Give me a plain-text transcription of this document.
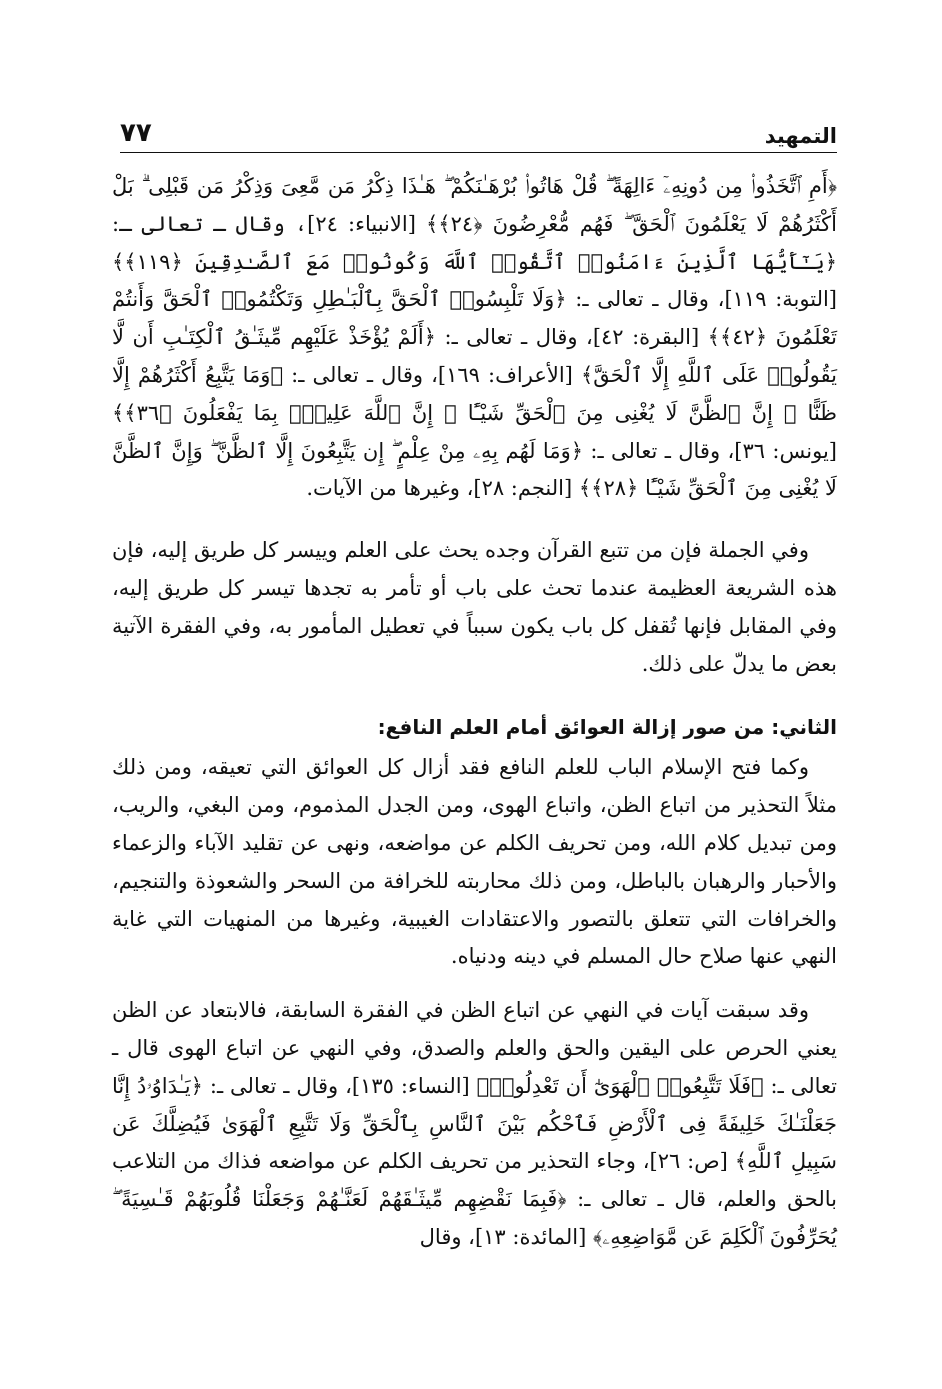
٧٧	التمهيد

﴿أَمِ ٱتَّخَذُوا۟ مِن دُونِهِۦٓ ءَالِهَةً ۖ قُلْ هَاتُوا۟ بُرْهَـٰنَكُمْ ۖ هَـٰذَا ذِكْرُ مَن مَّعِىَ وَذِكْرُ مَن قَبْلِى ۗ بَلْ أَكْثَرُهُمْ لَا يَعْلَمُونَ ٱلْحَقَّ ۖ فَهُم مُّعْرِضُونَ ﴿٢٤﴾﴾ [الانبياء: ٢٤]، وقال ـ تعالى ـ: ﴿يَـٰٓأَيُّهَا ٱلَّذِينَ ءَامَنُوا۟ ٱتَّقُوا۟ ٱللَّهَ وَكُونُوا۟ مَعَ ٱلصَّـٰدِقِينَ ﴿١١٩﴾﴾ [التوبة: ١١٩]، وقال ـ تعالى ـ: ﴿وَلَا تَلْبِسُوا۟ ٱلْحَقَّ بِٱلْبَـٰطِلِ وَتَكْتُمُوا۟ ٱلْحَقَّ وَأَنتُمْ تَعْلَمُونَ ﴿٤٢﴾﴾ [البقرة: ٤٢]، وقال ـ تعالى ـ: ﴿أَلَمْ يُؤْخَذْ عَلَيْهِم مِّيثَـٰقُ ٱلْكِتَـٰبِ أَن لَّا يَقُولُوا۟ عَلَى ٱللَّهِ إِلَّا ٱلْحَقَّ﴾ [الأعراف: ١٦٩]، وقال ـ تعالى ـ: ﴿وَمَا يَتَّبِعُ أَكْثَرُهُمْ إِلَّا ظَنًّا ۚ إِنَّ ٱلظَّنَّ لَا يُغْنِى مِنَ ٱلْحَقِّ شَيْـًٔا ۚ إِنَّ ٱللَّهَ عَلِيمٌۢ بِمَا يَفْعَلُونَ ﴿٣٦﴾﴾ [يونس: ٣٦]، وقال ـ تعالى ـ: ﴿وَمَا لَهُم بِهِۦ مِنْ عِلْمٍ ۖ إِن يَتَّبِعُونَ إِلَّا ٱلظَّنَّ ۖ وَإِنَّ ٱلظَّنَّ لَا يُغْنِى مِنَ ٱلْحَقِّ شَيْـًٔا ﴿٢٨﴾﴾ [النجم: ٢٨]، وغيرها من الآيات.

وفي الجملة فإن من تتبع القرآن وجده يحث على العلم وييسر كل طريق إليه، فإن هذه الشريعة العظيمة عندما تحث على باب أو تأمر به تجدها تيسر كل طريق إليه، وفي المقابل فإنها تُقفل كل باب يكون سبباً في تعطيل المأمور به، وفي الفقرة الآتية بعض ما يدلّ على ذلك.

الثاني: من صور إزالة العوائق أمام العلم النافع:

وكما فتح الإسلام الباب للعلم النافع فقد أزال كل العوائق التي تعيقه، ومن ذلك مثلاً التحذير من اتباع الظن، واتباع الهوى، ومن الجدل المذموم، ومن البغي، والريب، ومن تبديل كلام الله، ومن تحريف الكلم عن مواضعه، ونهى عن تقليد الآباء والزعماء والأحبار والرهبان بالباطل، ومن ذلك محاربته للخرافة من السحر والشعوذة والتنجيم، والخرافات التي تتعلق بالتصور والاعتقادات الغيبية، وغيرها من المنهيات التي غاية النهي عنها صلاح حال المسلم في دينه ودنياه.

وقد سبقت آيات في النهي عن اتباع الظن في الفقرة السابقة، فالابتعاد عن الظن يعني الحرص على اليقين والحق والعلم والصدق، وفي النهي عن اتباع الهوى قال ـ تعالى ـ: ﴿فَلَا تَتَّبِعُوا۟ ٱلْهَوَىٰٓ أَن تَعْدِلُوا۟﴾ [النساء: ١٣٥]، وقال ـ تعالى ـ: ﴿يَـٰدَاوُۥدُ إِنَّا جَعَلْنَـٰكَ خَلِيفَةً فِى ٱلْأَرْضِ فَٱحْكُم بَيْنَ ٱلنَّاسِ بِٱلْحَقِّ وَلَا تَتَّبِعِ ٱلْهَوَىٰ فَيُضِلَّكَ عَن سَبِيلِ ٱللَّهِ﴾ [ص: ٢٦]، وجاء التحذير من تحريف الكلم عن مواضعه فذاك من التلاعب بالحق والعلم، قال ـ تعالى ـ: ﴿فَبِمَا نَقْضِهِم مِّيثَـٰقَهُمْ لَعَنَّـٰهُمْ وَجَعَلْنَا قُلُوبَهُمْ قَـٰسِيَةً ۖ يُحَرِّفُونَ ٱلْكَلِمَ عَن مَّوَاضِعِهِۦ﴾ [المائدة: ١٣]، وقال
